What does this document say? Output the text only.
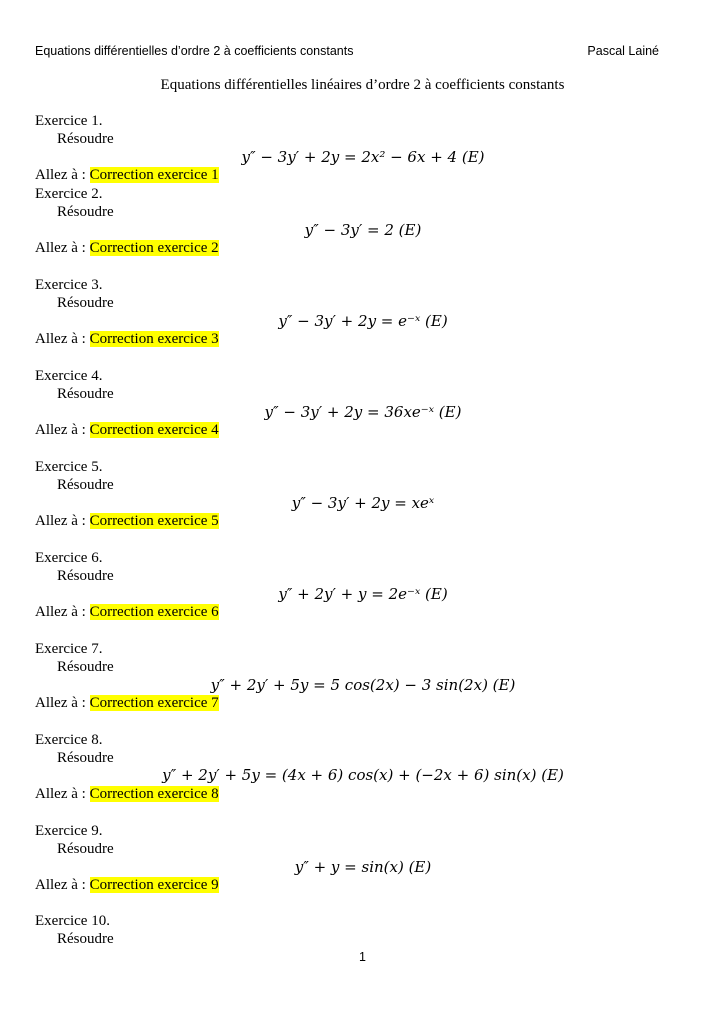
Equations différentielles d’ordre 2 à coefficients constants	Pascal Lainé
Equations différentielles linéaires d’ordre 2 à coefficients constants
Exercice 1.
Résoudre
y″ − 3y′ + 2y = 2x² − 6x + 4 (E)
Allez à : Correction exercice 1
Exercice 2.
Résoudre
y″ − 3y′ = 2 (E)
Allez à : Correction exercice 2
Exercice 3.
Résoudre
y″ − 3y′ + 2y = e⁻ˣ (E)
Allez à : Correction exercice 3
Exercice 4.
Résoudre
y″ − 3y′ + 2y = 36xe⁻ˣ (E)
Allez à : Correction exercice 4
Exercice 5.
Résoudre
y″ − 3y′ + 2y = xeˣ
Allez à : Correction exercice 5
Exercice 6.
Résoudre
y″ + 2y′ + y = 2e⁻ˣ (E)
Allez à : Correction exercice 6
Exercice 7.
Résoudre
y″ + 2y′ + 5y = 5 cos(2x) − 3 sin(2x) (E)
Allez à : Correction exercice 7
Exercice 8.
Résoudre
y″ + 2y′ + 5y = (4x + 6) cos(x) + (−2x + 6) sin(x) (E)
Allez à : Correction exercice 8
Exercice 9.
Résoudre
y″ + y = sin(x) (E)
Allez à : Correction exercice 9
Exercice 10.
Résoudre
1
